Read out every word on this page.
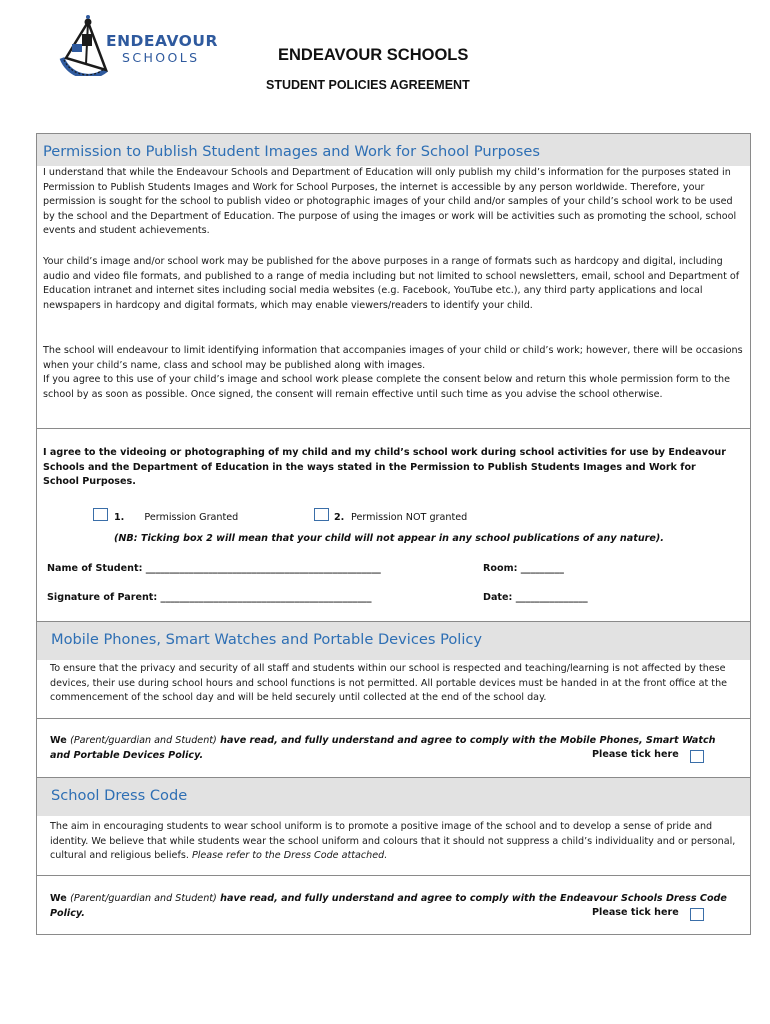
ENDEAVOUR
SCHOOLS	ENDEAVOUR SCHOOLS
STUDENT POLICIES AGREEMENT
Permission to Publish Student Images and Work for School Purposes

I understand that while the Endeavour Schools and Department of Education will only publish my child’s information for the purposes stated in Permission to Publish Students Images and Work for School Purposes, the internet is accessible by any person worldwide. Therefore, your permission is sought for the school to publish video or photographic images of your child and/or samples of your child’s school work to be used by the school and the Department of Education. The purpose of using the images or work will be activities such as promoting the school, school events and student achievements.

Your child’s image and/or school work may be published for the above purposes in a range of formats such as hardcopy and digital, including audio and video file formats, and published to a range of media including but not limited to school newsletters, email, school and Department of Education intranet and internet sites including social media websites (e.g. Facebook, YouTube etc.), any third party applications and local newspapers in hardcopy and digital formats, which may enable viewers/readers to identify your child.

The school will endeavour to limit identifying information that accompanies images of your child or child’s work; however, there will be occasions when your child’s name, class and school may be published along with images.

If you agree to this use of your child’s image and school work please complete the consent below and return this whole permission form to the school by as soon as possible. Once signed, the consent will remain effective until such time as you advise the school otherwise.

I agree to the videoing or photographing of my child and my child’s school work during school activities for use by Endeavour Schools and the Department of Education in the ways stated in the Permission to Publish Students Images and Work for School Purposes.

1. Permission Granted	2. Permission NOT granted
(NB: Ticking box 2 will mean that your child will not appear in any school publications of any nature).
Name of Student: _________________________________________________	Room: _________
Signature of Parent: ____________________________________________	Date: _______________
Mobile Phones, Smart Watches and Portable Devices Policy

To ensure that the privacy and security of all staff and students within our school is respected and teaching/learning is not affected by these devices, their use during school hours and school functions is not permitted. All portable devices must be handed in at the front office at the commencement of the school day and will be held securely until collected at the end of the school day.

We (Parent/guardian and Student) have read, and fully understand and agree to comply with the Mobile Phones, Smart Watch and Portable Devices Policy.	Please tick here
School Dress Code

The aim in encouraging students to wear school uniform is to promote a positive image of the school and to develop a sense of pride and identity. We believe that while students wear the school uniform and colours that it should not suppress a child’s individuality and or personal, cultural and religious beliefs. Please refer to the Dress Code attached.

We (Parent/guardian and Student) have read, and fully understand and agree to comply with the Endeavour Schools Dress Code Policy.	Please tick here
